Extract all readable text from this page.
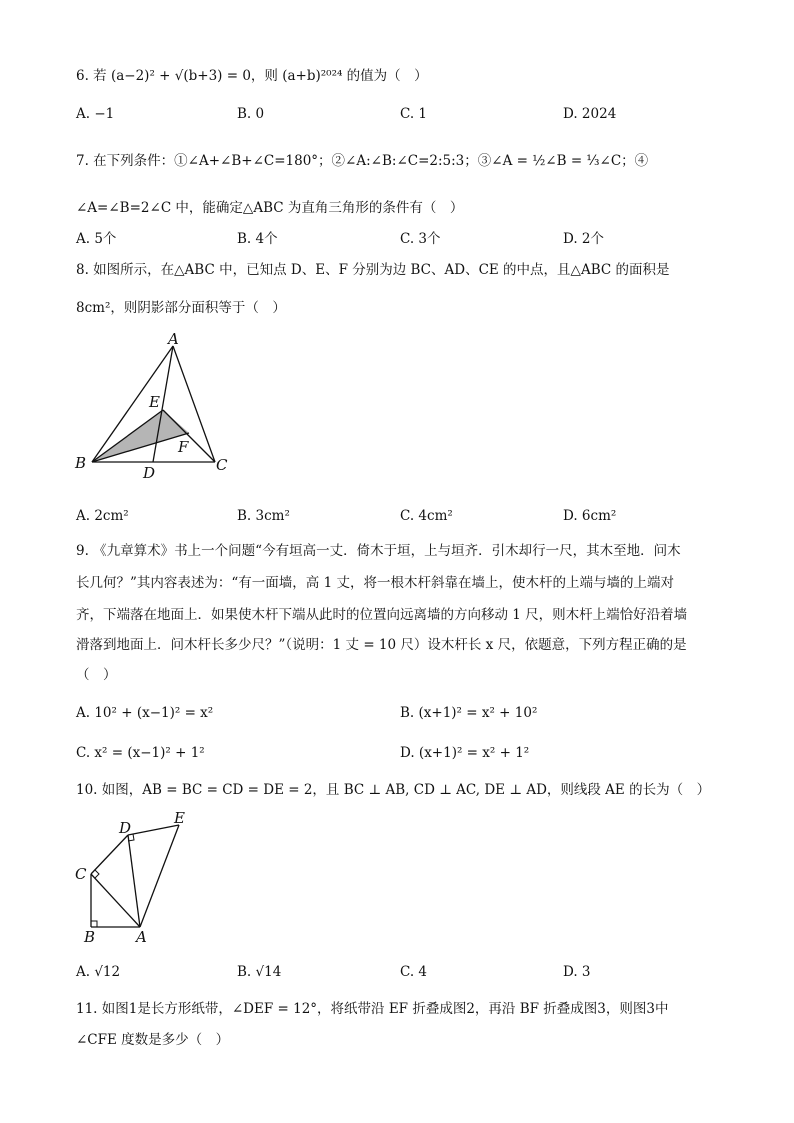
6. 若 (a−2)² + √(b+3) = 0，则 (a+b)²⁰²⁴ 的值为（　）
A. −1	B. 0	C. 1	D. 2024
7. 在下列条件：①∠A+∠B+∠C=180°；②∠A:∠B:∠C=2:5:3；③∠A = ½∠B = ⅓∠C；④
∠A=∠B=2∠C 中，能确定△ABC 为直角三角形的条件有（　）
A. 5个	B. 4个	C. 3个	D. 2个
8. 如图所示，在△ABC 中，已知点 D、E、F 分别为边 BC、AD、CE 的中点，且△ABC 的面积是
8cm²，则阴影部分面积等于（　）
A
B	C
D
E
F
A. 2cm²	B. 3cm²	C. 4cm²	D. 6cm²
9. 《九章算术》书上一个问题“今有垣高一丈．倚木于垣，上与垣齐．引木却行一尺，其木至地．问木
长几何？”其内容表述为：“有一面墙，高 1 丈，将一根木杆斜靠在墙上，使木杆的上端与墙的上端对
齐，下端落在地面上．如果使木杆下端从此时的位置向远离墙的方向移动 1 尺，则木杆上端恰好沿着墙
滑落到地面上．问木杆长多少尺？”（说明：1 丈 = 10 尺）设木杆长 x 尺，依题意，下列方程正确的是
（　）
A. 10² + (x−1)² = x²	B. (x+1)² = x² + 10²
C. x² = (x−1)² + 1²	D. (x+1)² = x² + 1²
10. 如图，AB = BC = CD = DE = 2，且 BC ⊥ AB, CD ⊥ AC, DE ⊥ AD，则线段 AE 的长为（　）
B	A
C
D
E
A. √12	B. √14	C. 4	D. 3
11. 如图1是长方形纸带，∠DEF = 12°，将纸带沿 EF 折叠成图2，再沿 BF 折叠成图3，则图3中
∠CFE 度数是多少（　）
